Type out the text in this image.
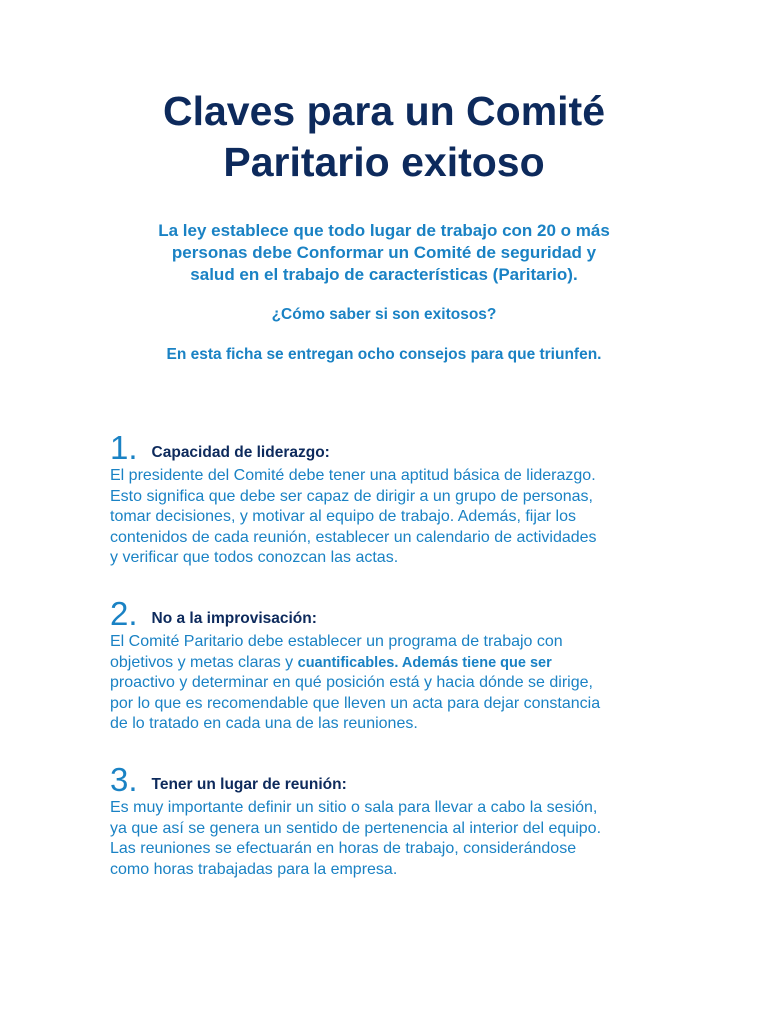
Claves para un Comité
Paritario exitoso

La ley establece que todo lugar de trabajo con 20 o más
personas debe Conformar un Comité de seguridad y
salud en el trabajo de características (Paritario).

¿Cómo saber si son exitosos?

En esta ficha se entregan ocho consejos para que triunfen.

1. Capacidad de liderazgo:

El presidente del Comité debe tener una aptitud básica de liderazgo.
Esto significa que debe ser capaz de dirigir a un grupo de personas,
tomar decisiones, y motivar al equipo de trabajo. Además, fijar los
contenidos de cada reunión, establecer un calendario de actividades
y verificar que todos conozcan las actas.

2. No a la improvisación:

El Comité Paritario debe establecer un programa de trabajo con
objetivos y metas claras y cuantificables. Además tiene que ser
proactivo y determinar en qué posición está y hacia dónde se dirige,
por lo que es recomendable que lleven un acta para dejar constancia
de lo tratado en cada una de las reuniones.

3. Tener un lugar de reunión:

Es muy importante definir un sitio o sala para llevar a cabo la sesión,
ya que así se genera un sentido de pertenencia al interior del equipo.
Las reuniones se efectuarán en horas de trabajo, considerándose
como horas trabajadas para la empresa.
